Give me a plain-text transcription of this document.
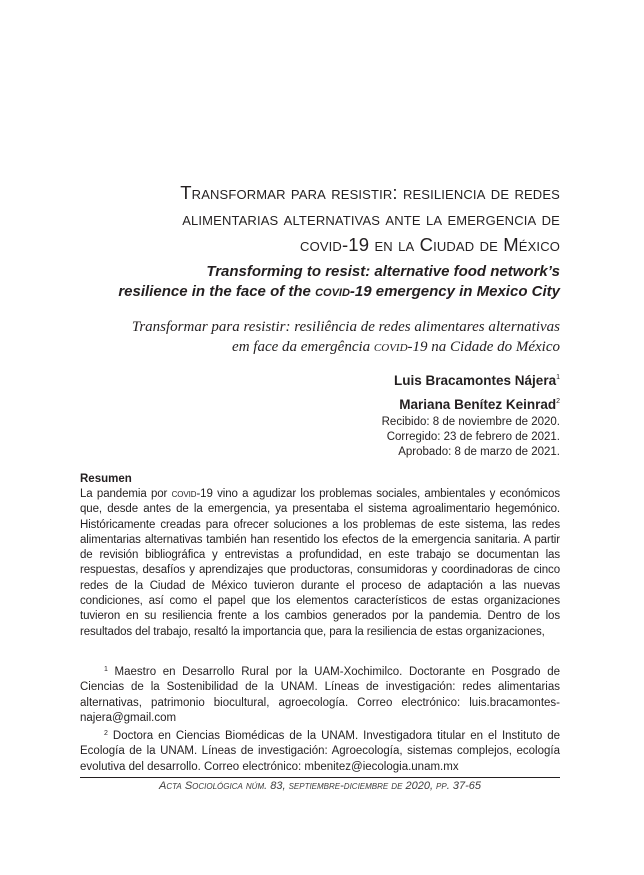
Transformar para resistir: resiliencia de redes
alimentarias alternativas ante la emergencia de
covid-19 en la Ciudad de México
Transforming to resist: alternative food network’s
resilience in the face of the covid-19 emergency in Mexico City
Transformar para resistir: resiliência de redes alimentares alternativas
em face da emergência covid-19 na Cidade do México
Luis Bracamontes Nájera$^1$
Mariana Benítez Keinrad$^2$
Recibido: 8 de noviembre de 2020.
Corregido: 23 de febrero de 2021.
Aprobado: 8 de marzo de 2021.
Resumen
La pandemia por covid-19 vino a agudizar los problemas sociales, ambientales y económicos que, desde antes de la emergencia, ya presentaba el sistema agroalimentario hegemónico. Históricamente creadas para ofrecer soluciones a los problemas de este sistema, las redes alimentarias alternativas también han resentido los efectos de la emergencia sanitaria. A partir de revisión bibliográfica y entrevistas a profundidad, en este trabajo se documentan las respuestas, desafíos y aprendizajes que productoras, consumidoras y coordinadoras de cinco redes de la Ciudad de México tuvieron durante el proceso de adaptación a las nuevas condiciones, así como el papel que los elementos característicos de estas organizaciones tuvieron en su resiliencia frente a los cambios generados por la pandemia. Dentro de los resultados del trabajo, resaltó la importancia que, para la resiliencia de estas organizaciones,

$^1$ Maestro en Desarrollo Rural por la UAM-Xochimilco. Doctorante en Posgrado de Ciencias de la Sostenibilidad de la UNAM. Líneas de investigación: redes alimentarias alternativas, patrimonio biocultural, agroecología. Correo electrónico: luis.bracamontes-najera@gmail.com

$^2$ Doctora en Ciencias Biomédicas de la UNAM. Investigadora titular en el Instituto de Ecología de la UNAM. Líneas de investigación: Agroecología, sistemas complejos, ecología evolutiva del desarrollo. Correo electrónico: mbenitez@iecologia.unam.mx

Acta Sociológica núm. 83, septiembre-diciembre de 2020, pp. 37-65
